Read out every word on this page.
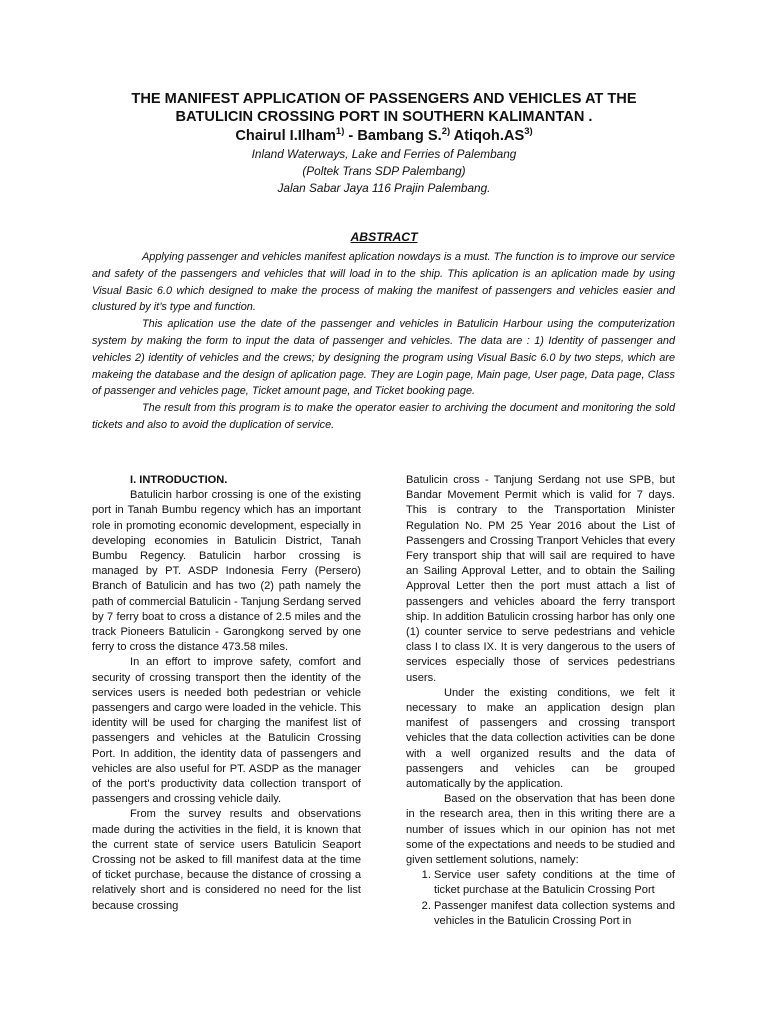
THE MANIFEST APPLICATION OF PASSENGERS AND VEHICLES AT THE

BATULICIN CROSSING PORT IN SOUTHERN KALIMANTAN .

Chairul I.Ilham$^{1)}$ - Bambang S.$^{2)}$ Atiqoh.AS$^{3)}$

Inland Waterways, Lake and Ferries of Palembang

(Poltek Trans SDP Palembang)

Jalan Sabar Jaya 116 Prajin Palembang.

ABSTRACT

Applying passenger and vehicles manifest aplication nowdays is a must. The function is to improve our service and safety of the passengers and vehicles that will load in to the ship. This aplication is an aplication made by using Visual Basic 6.0 which designed to make the process of making the manifest of passengers and vehicles easier and clustured by it’s type and function.

This aplication use the date of the passenger and vehicles in Batulicin Harbour using the computerization system by making the form to input the data of passenger and vehicles. The data are : 1) Identity of passenger and vehicles 2) identity of vehicles and the crews; by designing the program using Visual Basic 6.0 by two steps, which are makeing the database and the design of aplication page. They are Login page, Main page, User page, Data page, Class of passenger and vehicles page, Ticket amount page, and Ticket booking page.

The result from this program is to make the operator easier to archiving the document and monitoring the sold tickets and also to avoid the duplication of service.

I. INTRODUCTION.

Batulicin harbor crossing is one of the existing port in Tanah Bumbu regency which has an important role in promoting economic development, especially in developing economies in Batulicin District, Tanah Bumbu Regency. Batulicin harbor crossing is managed by PT. ASDP Indonesia Ferry (Persero) Branch of Batulicin and has two (2) path namely the path of commercial Batulicin - Tanjung Serdang served by 7 ferry boat to cross a distance of 2.5 miles and the track Pioneers Batulicin - Garongkong served by one ferry to cross the distance 473.58 miles.

In an effort to improve safety, comfort and security of crossing transport then the identity of the services users is needed both pedestrian or vehicle passengers and cargo were loaded in the vehicle. This identity will be used for charging the manifest list of passengers and vehicles at the Batulicin Crossing Port. In addition, the identity data of passengers and vehicles are also useful for PT. ASDP as the manager of the port's productivity data collection transport of passengers and crossing vehicle daily.

From the survey results and observations made during the activities in the field, it is known that the current state of service users Batulicin Seaport Crossing not be asked to fill manifest data at the time of ticket purchase, because the distance of crossing a relatively short and is considered no need for the list because crossing

Batulicin cross - Tanjung Serdang not use SPB, but Bandar Movement Permit which is valid for 7 days. This is contrary to the Transportation Minister Regulation No. PM 25 Year 2016 about the List of Passengers and Crossing Tranport Vehicles that every Fery transport ship that will sail are required to have an Sailing Approval Letter, and to obtain the Sailing Approval Letter then the port must attach a list of passengers and vehicles aboard the ferry transport ship. In addition Batulicin crossing harbor has only one (1) counter service to serve pedestrians and vehicle class I to class IX. It is very dangerous to the users of services especially those of services pedestrians users.

Under the existing conditions, we felt it necessary to make an application design plan manifest of passengers and crossing transport vehicles that the data collection activities can be done with a well organized results and the data of passengers and vehicles can be grouped automatically by the application.

Based on the observation that has been done in the research area, then in this writing there are a number of issues which in our opinion has not met some of the expectations and needs to be studied and given settlement solutions, namely:

1. Service user safety conditions at the time of ticket purchase at the Batulicin Crossing Port
2. Passenger manifest data collection systems and vehicles in the Batulicin Crossing Port in
